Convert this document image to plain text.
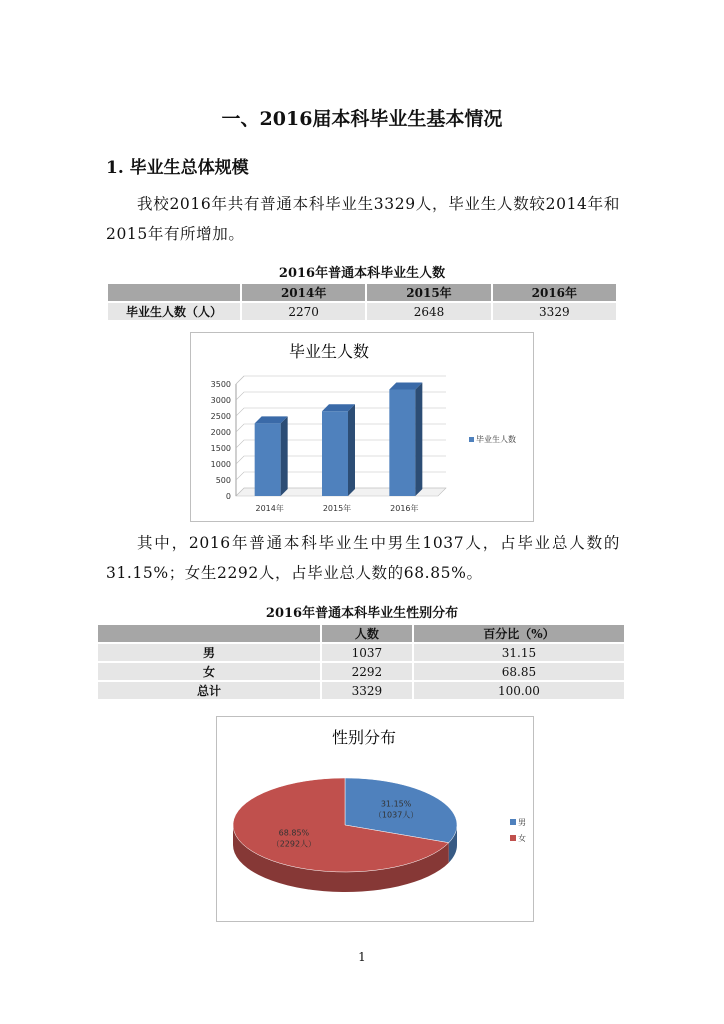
一、2016届本科毕业生基本情况
1. 毕业生总体规模
我校2016年共有普通本科毕业生3329人，毕业生人数较2014年和 2015年有所增加。
2016年普通本科毕业生人数
	2014年	2015年	2016年
毕业生人数（人）	2270	2648	3329
毕业生人数
0
500
1000
1500
2000
2500
3000
3500
2014年	2015年	2016年
毕业生人数
其中，2016年普通本科毕业生中男生1037人，占毕业总人数的31.15%；女生2292人，占毕业总人数的68.85%。
2016年普通本科毕业生性别分布
	人数	百分比（%）
男	1037	31.15
女	2292	68.85
总计	3329	100.00
性别分布
31.15%
（1037人）
68.85%
（2292人）
男
女
1
